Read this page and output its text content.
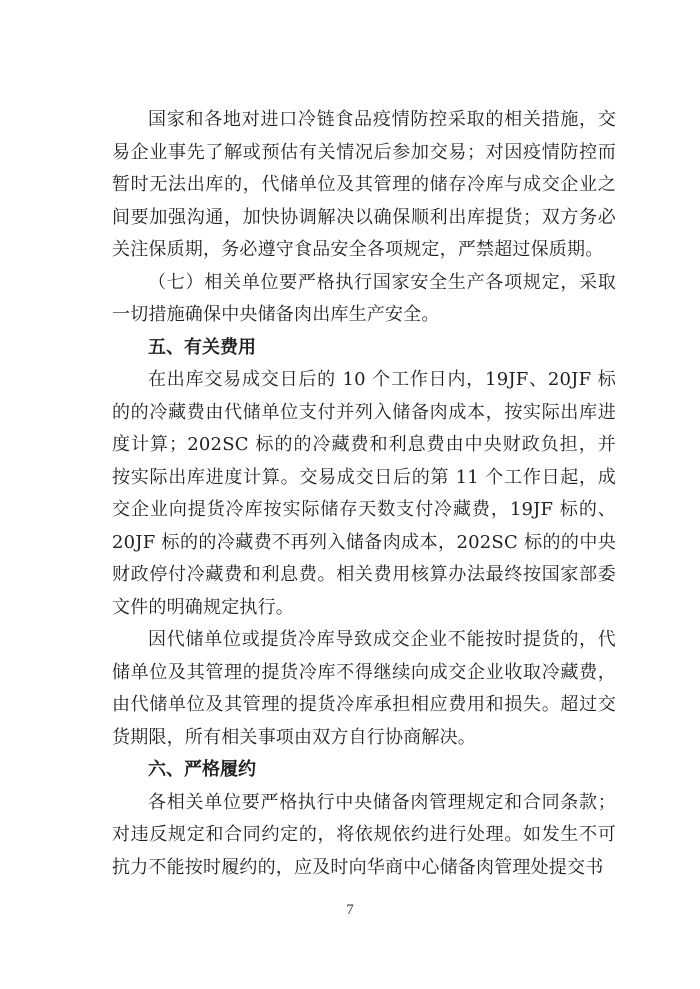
国家和各地对进口冷链食品疫情防控采取的相关措施，交易企业事先了解或预估有关情况后参加交易；对因疫情防控而暂时无法出库的，代储单位及其管理的储存冷库与成交企业之间要加强沟通，加快协调解决以确保顺利出库提货；双方务必关注保质期，务必遵守食品安全各项规定，严禁超过保质期。

（七）相关单位要严格执行国家安全生产各项规定，采取一切措施确保中央储备肉出库生产安全。

五、有关费用

在出库交易成交日后的 10 个工作日内，19JF、20JF 标的的冷藏费由代储单位支付并列入储备肉成本，按实际出库进度计算；202SC 标的的冷藏费和利息费由中央财政负担，并按实际出库进度计算。交易成交日后的第 11 个工作日起，成交企业向提货冷库按实际储存天数支付冷藏费，19JF 标的、20JF 标的的冷藏费不再列入储备肉成本，202SC 标的的中央财政停付冷藏费和利息费。相关费用核算办法最终按国家部委文件的明确规定执行。

因代储单位或提货冷库导致成交企业不能按时提货的，代储单位及其管理的提货冷库不得继续向成交企业收取冷藏费，由代储单位及其管理的提货冷库承担相应费用和损失。超过交货期限，所有相关事项由双方自行协商解决。

六、严格履约

各相关单位要严格执行中央储备肉管理规定和合同条款；对违反规定和合同约定的，将依规依约进行处理。如发生不可抗力不能按时履约的，应及时向华商中心储备肉管理处提交书

7
